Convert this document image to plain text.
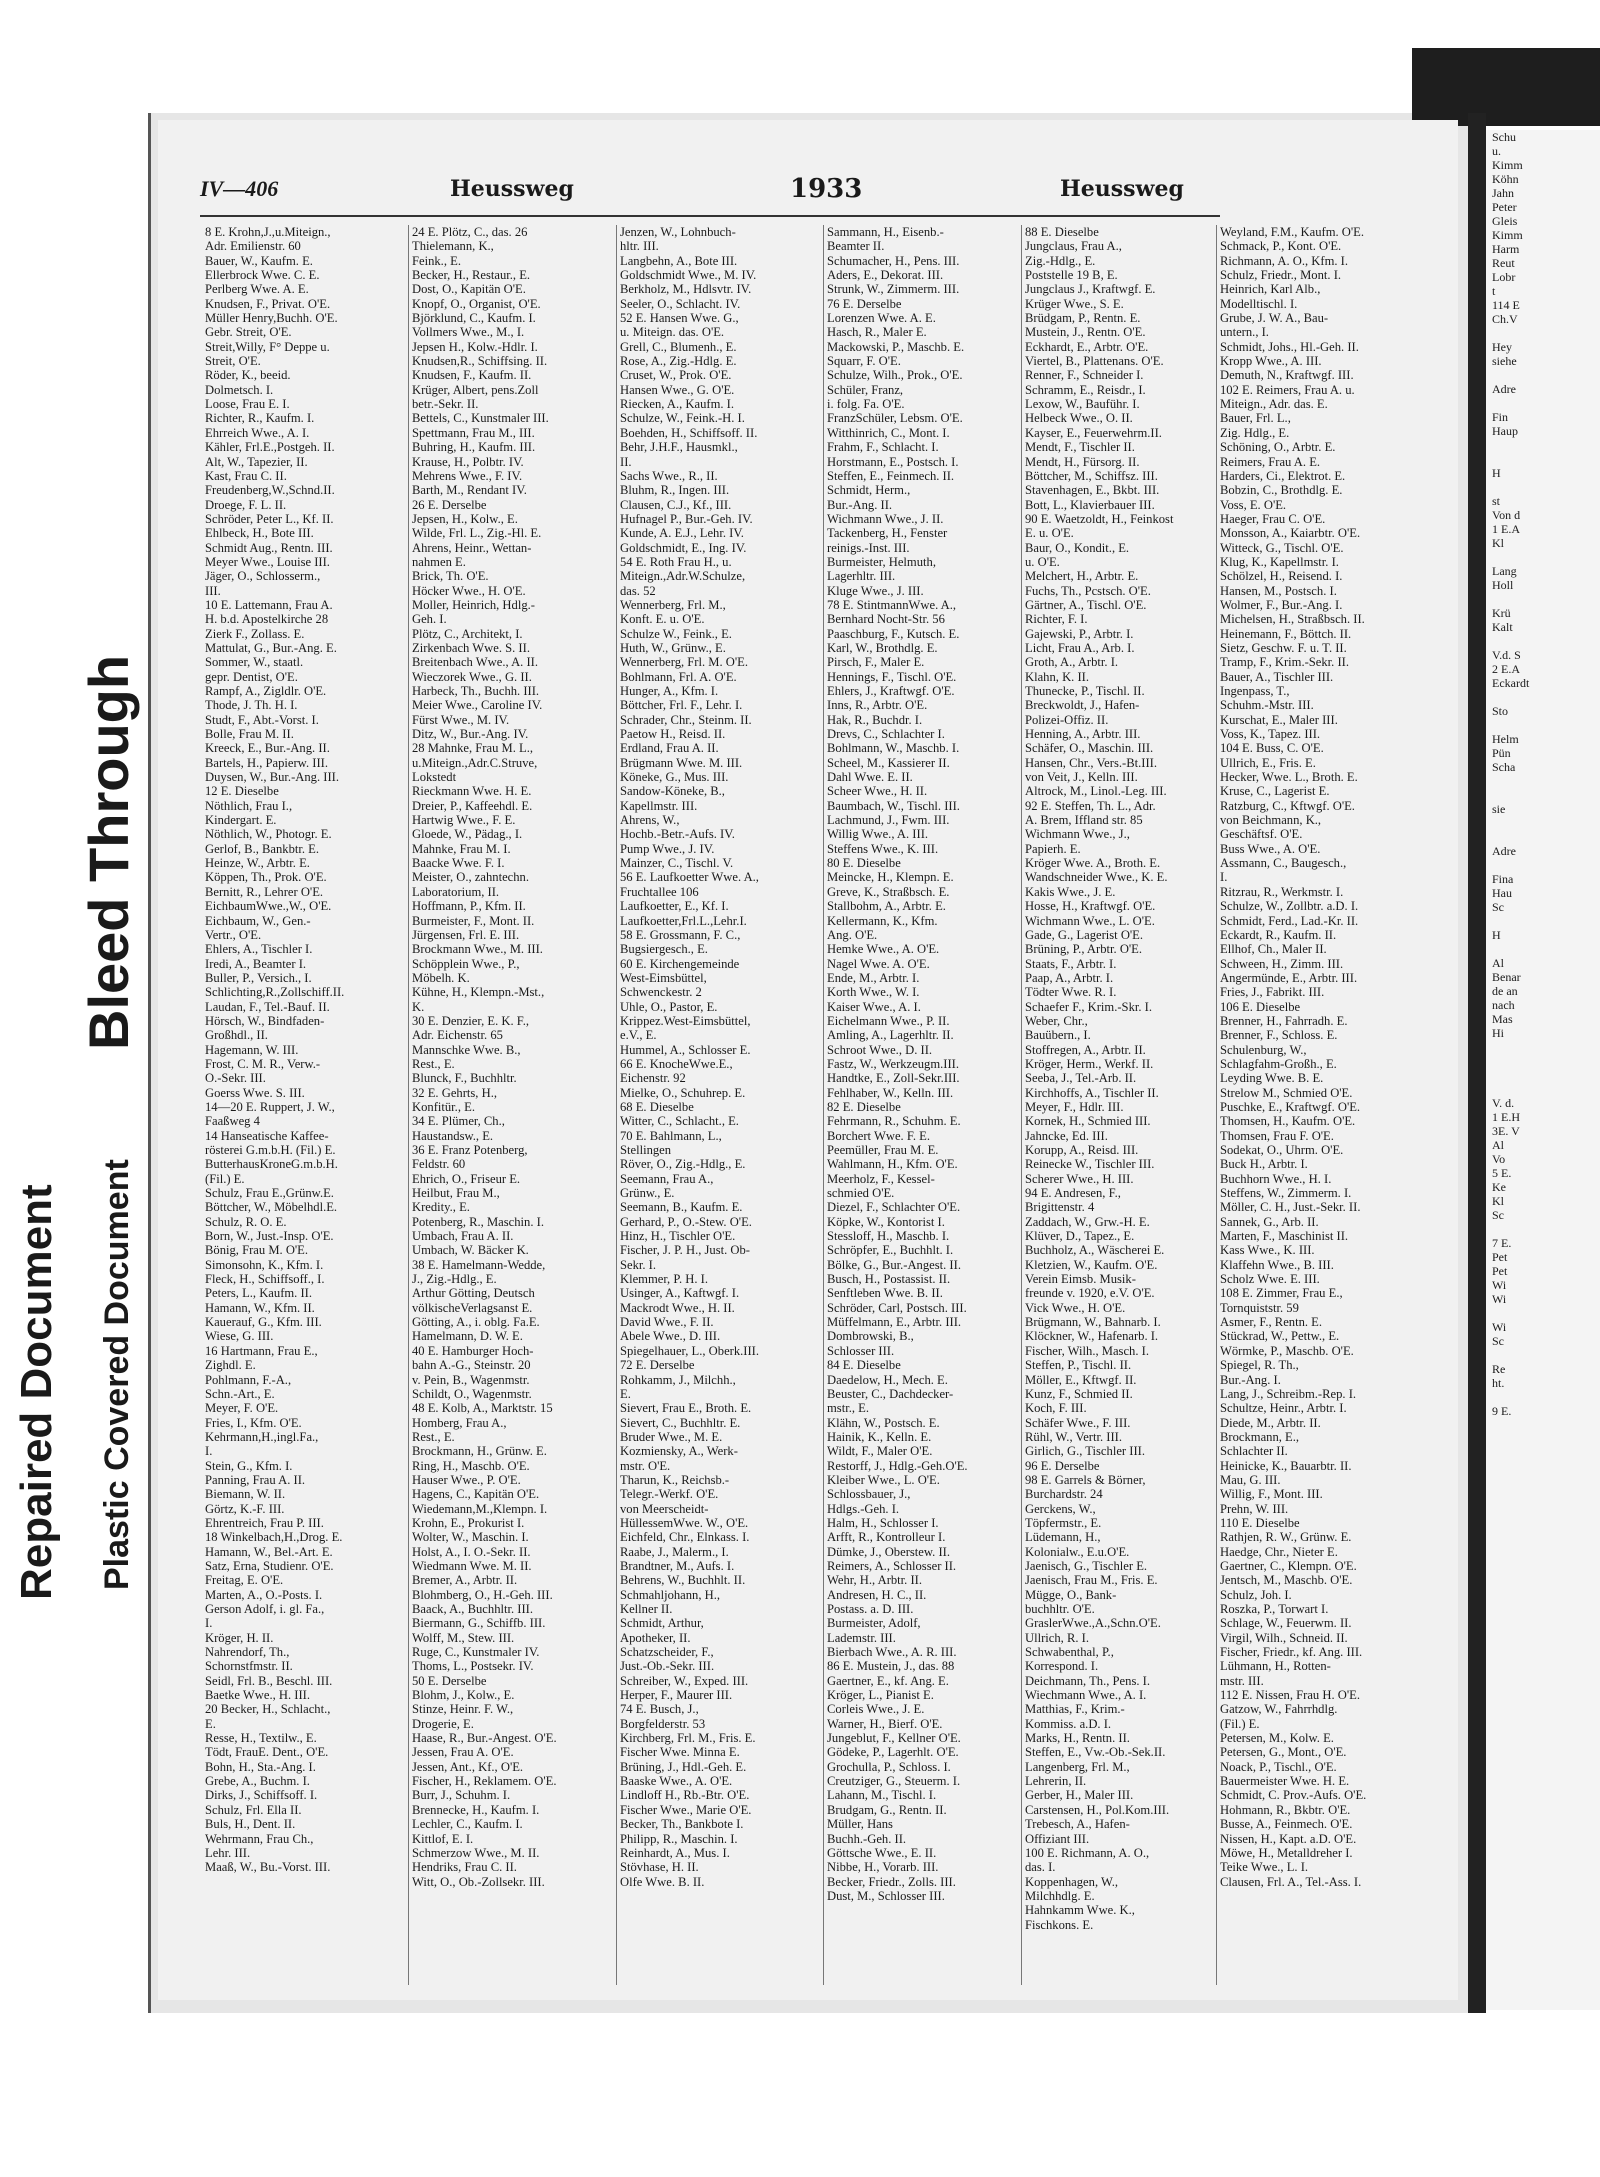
Schu
u.
Kimm
Köhn
Jahn
Peter
Gleis
Kimm
Harm
Reut
Lobr
t
114 E
Ch.V

Hey
siehe

Adre

Fin
Haup

H

st
Von d
1 E.A
Kl

Lang
Holl

Krü
Kalt

V.d. S
2 E.A
Eckardt

Sto

Helm
Pün
Scha

sie

Adre

Fina
Hau
Sc

H

Al
Benar
de an
nach
Mas
Hi

V. d.
1 E.H
3E. V
Al
Vo
5 E.
Ke
Kl
Sc

7 E.
Pet
Pet
Wi
Wi

Wi
Sc

Re
ht.

9 E.
Repaired Document Plastic Covered Document
Bleed Through
IV—406	Heussweg	1933	Heussweg
8 E. Krohn,J.,u.Miteign.,
Adr. Emilienstr. 60
Bauer, W., Kaufm. E.
Ellerbrock Wwe. C. E.
Perlberg Wwe. A. E.
Knudsen, F., Privat. O'E.
Müller Henry,Buchh. O'E.
Gebr. Streit, O'E.
Streit,Willy, F° Deppe u.
Streit, O'E.
Röder, K., beeid.
Dolmetsch. I.
Loose, Frau E. I.
Richter, R., Kaufm. I.
Ehrreich Wwe., A. I.
Kähler, Frl.E.,Postgeh. II.
Alt, W., Tapezier, II.
Kast, Frau C. II.
Freudenberg,W.,Schnd.II.
Droege, F. L. II.
Schröder, Peter L., Kf. II.
Ehlbeck, H., Bote III.
Schmidt Aug., Rentn. III.
Meyer Wwe., Louise III.
Jäger, O., Schlosserm.,
III.
10 E. Lattemann, Frau A.
H. b.d. Apostelkirche 28
Zierk F., Zollass. E.
Mattulat, G., Bur.-Ang. E.
Sommer, W., staatl.
gepr. Dentist, O'E.
Rampf, A., Zigldlr. O'E.
Thode, J. Th. H. I.
Studt, F., Abt.-Vorst. I.
Bolle, Frau M. II.
Kreeck, E., Bur.-Ang. II.
Bartels, H., Papierw. III.
Duysen, W., Bur.-Ang. III.
12 E. Dieselbe
Nöthlich, Frau I.,
Kindergart. E.
Nöthlich, W., Photogr. E.
Gerlof, B., Bankbtr. E.
Heinze, W., Arbtr. E.
Köppen, Th., Prok. O'E.
Bernitt, R., Lehrer O'E.
EichbaumWwe.,W., O'E.
Eichbaum, W., Gen.-
Vertr., O'E.
Ehlers, A., Tischler I.
Iredi, A., Beamter I.
Buller, P., Versich., I.
Schlichting,R.,Zollschiff.II.
Laudan, F., Tel.-Bauf. II.
Hörsch, W., Bindfaden-
Großhdl., II.
Hagemann, W. III.
Frost, C. M. R., Verw.-
O.-Sekr. III.
Goerss Wwe. S. III.
14—20 E. Ruppert, J. W.,
Faaßweg 4
14 Hanseatische Kaffee-
rösterei G.m.b.H. (Fil.) E.
ButterhausKroneG.m.b.H.
(Fil.) E.
Schulz, Frau E.,Grünw.E.
Böttcher, W., Möbelhdl.E.
Schulz, R. O. E.
Born, W., Just.-Insp. O'E.
Bönig, Frau M. O'E.
Simonsohn, K., Kfm. I.
Fleck, H., Schiffsoff., I.
Peters, L., Kaufm. II.
Hamann, W., Kfm. II.
Kauerauf, G., Kfm. III.
Wiese, G. III.
16 Hartmann, Frau E.,
Zighdl. E.
Pohlmann, F.-A.,
Schn.-Art., E.
Meyer, F. O'E.
Fries, I., Kfm. O'E.
Kehrmann,H.,ingl.Fa.,
I.
Stein, G., Kfm. I.
Panning, Frau A. II.
Biemann, W. II.
Görtz, K.-F. III.
Ehrentreich, Frau P. III.
18 Winkelbach,H.,Drog. E.
Hamann, W., Bel.-Art. E.
Satz, Erna, Studienr. O'E.
Freitag, E. O'E.
Marten, A., O.-Posts. I.
Gerson Adolf, i. gl. Fa.,
I.
Kröger, H. II.
Nahrendorf, Th.,
Schornstfmstr. II.
Seidl, Frl. B., Beschl. III.
Baetke Wwe., H. III.
20 Becker, H., Schlacht.,
E.
Resse, H., Textilw., E.
Tödt, FrauE. Dent., O'E.
Bohn, H., Sta.-Ang. I.
Grebe, A., Buchm. I.
Dirks, J., Schiffsoff. I.
Schulz, Frl. Ella II.
Buls, H., Dent. II.
Wehrmann, Frau Ch.,
Lehr. III.
Maaß, W., Bu.-Vorst. III.
24 E. Plötz, C., das. 26
Thielemann, K.,
Feink., E.
Becker, H., Restaur., E.
Dost, O., Kapitän O'E.
Knopf, O., Organist, O'E.
Björklund, C., Kaufm. I.
Vollmers Wwe., M., I.
Jepsen H., Kolw.-Hdlr. I.
Knudsen,R., Schiffsing. II.
Knudsen, F., Kaufm. II.
Krüger, Albert, pens.Zoll
betr.-Sekr. II.
Bettels, C., Kunstmaler III.
Spettmann, Frau M., III.
Buhring, H., Kaufm. III.
Krause, H., Polbtr. IV.
Mehrens Wwe., F. IV.
Barth, M., Rendant IV.
26 E. Derselbe
Jepsen, H., Kolw., E.
Wilde, Frl. L., Zig.-Hl. E.
Ahrens, Heinr., Wettan-
nahmen E.
Brick, Th. O'E.
Höcker Wwe., H. O'E.
Moller, Heinrich, Hdlg.-
Geh. I.
Plötz, C., Architekt, I.
Zirkenbach Wwe. S. II.
Breitenbach Wwe., A. II.
Wieczorek Wwe., G. II.
Harbeck, Th., Buchh. III.
Meier Wwe., Caroline IV.
Fürst Wwe., M. IV.
Ditz, W., Bur.-Ang. IV.
28 Mahnke, Frau M. L.,
u.Miteign.,Adr.C.Struve,
Lokstedt
Rieckmann Wwe. H. E.
Dreier, P., Kaffeehdl. E.
Hartwig Wwe., F. E.
Gloede, W., Pädag., I.
Mahnke, Frau M. I.
Baacke Wwe. F. I.
Meister, O., zahntechn.
Laboratorium, II.
Hoffmann, P., Kfm. II.
Burmeister, F., Mont. II.
Jürgensen, Frl. E. III.
Brockmann Wwe., M. III.
Schöpplein Wwe., P.,
Möbelh. K.
Kühne, H., Klempn.-Mst.,
K.
30 E. Denzier, E. K. F.,
Adr. Eichenstr. 65
Mannschke Wwe. B.,
Rest., E.
Blunck, F., Buchhltr.
32 E. Gehrts, H.,
Konfitür., E.
34 E. Plümer, Ch.,
Haustandsw., E.
36 E. Franz Potenberg,
Feldstr. 60
Ehrich, O., Friseur E.
Heilbut, Frau M.,
Kredity., E.
Potenberg, R., Maschin. I.
Umbach, Frau A. II.
Umbach, W. Bäcker K.
38 E. Hamelmann-Wedde,
J., Zig.-Hdlg., E.
Arthur Götting, Deutsch
völkischeVerlagsanst E.
Götting, A., i. oblg. Fa.E.
Hamelmann, D. W. E.
40 E. Hamburger Hoch-
bahn A.-G., Steinstr. 20
v. Pein, B., Wagenmstr.
Schildt, O., Wagenmstr.
48 E. Kolb, A., Marktstr. 15
Homberg, Frau A.,
Rest., E.
Brockmann, H., Grünw. E.
Ring, H., Maschb. O'E.
Hauser Wwe., P. O'E.
Hagens, C., Kapitän O'E.
Wiedemann,M.,Klempn. I.
Krohn, E., Prokurist I.
Wolter, W., Maschin. I.
Holst, A., I. O.-Sekr. II.
Wiedmann Wwe. M. II.
Bremer, A., Arbtr. II.
Blohmberg, O., H.-Geh. III.
Baack, A., Buchhltr. III.
Biermann, G., Schiffb. III.
Wolff, M., Stew. III.
Ruge, C., Kunstmaler IV.
Thoms, L., Postsekr. IV.
50 E. Derselbe
Blohm, J., Kolw., E.
Stinze, Heinr. F. W.,
Drogerie, E.
Haase, R., Bur.-Angest. O'E.
Jessen, Frau A. O'E.
Jessen, Ant., Kf., O'E.
Fischer, H., Reklamem. O'E.
Burr, J., Schuhm. I.
Brennecke, H., Kaufm. I.
Lechler, C., Kaufm. I.
Kittlof, E. I.
Schmerzow Wwe., M. II.
Hendriks, Frau C. II.
Witt, O., Ob.-Zollsekr. III.
Jenzen, W., Lohnbuch-
hltr. III.
Langbehn, A., Bote III.
Goldschmidt Wwe., M. IV.
Berkholz, M., Hdlsvtr. IV.
Seeler, O., Schlacht. IV.
52 E. Hansen Wwe. G.,
u. Miteign. das. O'E.
Grell, C., Blumenh., E.
Rose, A., Zig.-Hdlg. E.
Cruset, W., Prok. O'E.
Hansen Wwe., G. O'E.
Riecken, A., Kaufm. I.
Schulze, W., Feink.-H. I.
Boehden, H., Schiffsoff. II.
Behr, J.H.F., Hausmkl.,
II.
Sachs Wwe., R., II.
Bluhm, R., Ingen. III.
Clausen, C.J., Kf., III.
Hufnagel P., Bur.-Geh. IV.
Kunde, A. E.J., Lehr. IV.
Goldschmidt, E., Ing. IV.
54 E. Roth Frau H., u.
Miteign.,Adr.W.Schulze,
das. 52
Wennerberg, Frl. M.,
Konft. E. u. O'E.
Schulze W., Feink., E.
Huth, W., Grünw., E.
Wennerberg, Frl. M. O'E.
Bohlmann, Frl. A. O'E.
Hunger, A., Kfm. I.
Böttcher, Frl. F., Lehr. I.
Schrader, Chr., Steinm. II.
Paetow H., Reisd. II.
Erdland, Frau A. II.
Brügmann Wwe. M. III.
Köneke, G., Mus. III.
Sandow-Köneke, B.,
Kapellmstr. III.
Ahrens, W.,
Hochb.-Betr.-Aufs. IV.
Pump Wwe., J. IV.
Mainzer, C., Tischl. V.
56 E. Laufkoetter Wwe. A.,
Fruchtallee 106
Laufkoetter, E., Kf. I.
Laufkoetter,Frl.L.,Lehr.I.
58 E. Grossmann, F. C.,
Bugsiergesch., E.
60 E. Kirchengemeinde
West-Eimsbüttel,
Schwenckestr. 2
Uhle, O., Pastor, E.
Krippez.West-Eimsbüttel,
e.V., E.
Hummel, A., Schlosser E.
66 E. KnocheWwe.E.,
Eichenstr. 92
Mielke, O., Schuhrep. E.
68 E. Dieselbe
Witter, C., Schlacht., E.
70 E. Bahlmann, L.,
Stellingen
Röver, O., Zig.-Hdlg., E.
Seemann, Frau A.,
Grünw., E.
Seemann, B., Kaufm. E.
Gerhard, P., O.-Stew. O'E.
Hinz, H., Tischler O'E.
Fischer, J. P. H., Just. Ob-
Sekr. I.
Klemmer, P. H. I.
Usinger, A., Kaftwgf. I.
Mackrodt Wwe., H. II.
David Wwe., F. II.
Abele Wwe., D. III.
Spiegelhauer, L., Oberk.III.
72 E. Derselbe
Rohkamm, J., Milchh.,
E.
Sievert, Frau E., Broth. E.
Sievert, C., Buchhltr. E.
Bruder Wwe., M. E.
Kozmiensky, A., Werk-
mstr. O'E.
Tharun, K., Reichsb.-
Telegr.-Werkf. O'E.
von Meerscheidt-
HüllessemWwe. W., O'E.
Eichfeld, Chr., Elnkass. I.
Raabe, J., Malerm., I.
Brandtner, M., Aufs. I.
Behrens, W., Buchhlt. II.
Schmahljohann, H.,
Kellner II.
Schmidt, Arthur,
Apotheker, II.
Schatzscheider, F.,
Just.-Ob.-Sekr. III.
Schreiber, W., Exped. III.
Herper, F., Maurer III.
74 E. Busch, J.,
Borgfelderstr. 53
Kirchberg, Frl. M., Fris. E.
Fischer Wwe. Minna E.
Brüning, J., Hdl.-Geh. E.
Baaske Wwe., A. O'E.
Lindloff H., Rb.-Btr. O'E.
Fischer Wwe., Marie O'E.
Becker, Th., Bankbote I.
Philipp, R., Maschin. I.
Reinhardt, A., Mus. I.
Stövhase, H. II.
Olfe Wwe. B. II.
Sammann, H., Eisenb.-
Beamter II.
Schumacher, H., Pens. III.
Aders, E., Dekorat. III.
Strunk, W., Zimmerm. III.
76 E. Derselbe
Lorenzen Wwe. A. E.
Hasch, R., Maler E.
Mackowski, P., Maschb. E.
Squarr, F. O'E.
Schulze, Wilh., Prok., O'E.
Schüler, Franz,
i. folg. Fa. O'E.
FranzSchüler, Lebsm. O'E.
Witthinrich, C., Mont. I.
Frahm, F., Schlacht. I.
Horstmann, E., Postsch. I.
Steffen, E., Feinmech. II.
Schmidt, Herm.,
Bur.-Ang. II.
Wichmann Wwe., J. II.
Tackenberg, H., Fenster
reinigs.-Inst. III.
Burmeister, Helmuth,
Lagerhltr. III.
Kluge Wwe., J. III.
78 E. StintmannWwe. A.,
Bernhard Nocht-Str. 56
Paaschburg, F., Kutsch. E.
Karl, W., Brothdlg. E.
Pirsch, F., Maler E.
Hennings, F., Tischl. O'E.
Ehlers, J., Kraftwgf. O'E.
Inns, R., Arbtr. O'E.
Hak, R., Buchdr. I.
Drevs, C., Schlachter I.
Bohlmann, W., Maschb. I.
Scheel, M., Kassierer II.
Dahl Wwe. E. II.
Scheer Wwe., H. II.
Baumbach, W., Tischl. III.
Lachmund, J., Fwm. III.
Willig Wwe., A. III.
Steffens Wwe., K. III.
80 E. Dieselbe
Meincke, H., Klempn. E.
Greve, K., Straßbsch. E.
Stallbohm, A., Arbtr. E.
Kellermann, K., Kfm.
Ang. O'E.
Hemke Wwe., A. O'E.
Nagel Wwe. A. O'E.
Ende, M., Arbtr. I.
Korth Wwe., W. I.
Kaiser Wwe., A. I.
Eichelmann Wwe., P. II.
Amling, A., Lagerhltr. II.
Schroot Wwe., D. II.
Fastz, W., Werkzeugm.III.
Handtke, E., Zoll-Sekr.III.
Fehlhaber, W., Kelln. III.
82 E. Dieselbe
Fehrmann, R., Schuhm. E.
Borchert Wwe. F. E.
Peemüller, Frau M. E.
Wahlmann, H., Kfm. O'E.
Meerholz, F., Kessel-
schmied O'E.
Diezel, F., Schlachter O'E.
Köpke, W., Kontorist I.
Stessloff, H., Maschb. I.
Schröpfer, E., Buchhlt. I.
Bölke, G., Bur.-Angest. II.
Busch, H., Postassist. II.
Senftleben Wwe. B. II.
Schröder, Carl, Postsch. III.
Müffelmann, E., Arbtr. III.
Dombrowski, B.,
Schlosser III.
84 E. Dieselbe
Daedelow, H., Mech. E.
Beuster, C., Dachdecker-
mstr., E.
Klähn, W., Postsch. E.
Hainik, K., Kelln. E.
Wildt, F., Maler O'E.
Restorff, J., Hdlg.-Geh.O'E.
Kleiber Wwe., L. O'E.
Schlossbauer, J.,
Hdlgs.-Geh. I.
Halm, H., Schlosser I.
Arfft, R., Kontrolleur I.
Dümke, J., Oberstew. II.
Reimers, A., Schlosser II.
Wehr, H., Arbtr. II.
Andresen, H. C., II.
Postass. a. D. III.
Burmeister, Adolf,
Lademstr. III.
Bierbach Wwe., A. R. III.
86 E. Mustein, J., das. 88
Gaertner, E., kf. Ang. E.
Kröger, L., Pianist E.
Corleis Wwe., J. E.
Warner, H., Bierf. O'E.
Jungeblut, F., Kellner O'E.
Gödeke, P., Lagerhlt. O'E.
Grochulla, P., Schloss. I.
Creutziger, G., Steuerm. I.
Lahann, M., Tischl. I.
Brudgam, G., Rentn. II.
Müller, Hans
Buchh.-Geh. II.
Göttsche Wwe., E. II.
Nibbe, H., Vorarb. III.
Becker, Friedr., Zolls. III.
Dust, M., Schlosser III.
88 E. Dieselbe
Jungclaus, Frau A.,
Zig.-Hdlg., E.
Poststelle 19 B, E.
Jungclaus J., Kraftwgf. E.
Krüger Wwe., S. E.
Brüdgam, P., Rentn. E.
Mustein, J., Rentn. O'E.
Eckhardt, E., Arbtr. O'E.
Viertel, B., Plattenans. O'E.
Renner, F., Schneider I.
Schramm, E., Reisdr., I.
Lexow, W., Bauführ. I.
Helbeck Wwe., O. II.
Kayser, E., Feuerwehrm.II.
Mendt, F., Tischler II.
Mendt, H., Fürsorg. II.
Böttcher, M., Schiffsz. III.
Stavenhagen, E., Bkbt. III.
Bott, L., Klavierbauer III.
90 E. Waetzoldt, H., Feinkost
E. u. O'E.
Baur, O., Kondit., E.
u. O'E.
Melchert, H., Arbtr. E.
Fuchs, Th., Pcstsch. O'E.
Gärtner, A., Tischl. O'E.
Richter, F. I.
Gajewski, P., Arbtr. I.
Licht, Frau A., Arb. I.
Groth, A., Arbtr. I.
Klahn, K. II.
Thunecke, P., Tischl. II.
Breckwoldt, J., Hafen-
Polizei-Offiz. II.
Henning, A., Arbtr. III.
Schäfer, O., Maschin. III.
Hansen, Chr., Vers.-Bt.III.
von Veit, J., Kelln. III.
Altrock, M., Linol.-Leg. III.
92 E. Steffen, Th. L., Adr.
A. Brem, Iffland str. 85
Wichmann Wwe., J.,
Papierh. E.
Kröger Wwe. A., Broth. E.
Wandschneider Wwe., K. E.
Kakis Wwe., J. E.
Hosse, H., Kraftwgf. O'E.
Wichmann Wwe., L. O'E.
Gade, G., Lagerist O'E.
Brüning, P., Arbtr. O'E.
Staats, F., Arbtr. I.
Paap, A., Arbtr. I.
Tödter Wwe. R. I.
Schaefer F., Krim.-Skr. I.
Weber, Chr.,
Bauübern., I.
Stoffregen, A., Arbtr. II.
Kröger, Herm., Werkf. II.
Seeba, J., Tel.-Arb. II.
Kirchhoffs, A., Tischler II.
Meyer, F., Hdlr. III.
Kornek, H., Schmied III.
Jahncke, Ed. III.
Korupp, A., Reisd. III.
Reinecke W., Tischler III.
Scherer Wwe., H. III.
94 E. Andresen, F.,
Brigittenstr. 4
Zaddach, W., Grw.-H. E.
Klüver, D., Tapez., E.
Buchholz, A., Wäscherei E.
Kletzien, W., Kaufm. O'E.
Verein Eimsb. Musik-
freunde v. 1920, e.V. O'E.
Vick Wwe., H. O'E.
Brügmann, W., Bahnarb. I.
Klöckner, W., Hafenarb. I.
Fischer, Wilh., Masch. I.
Steffen, P., Tischl. II.
Möller, E., Kftwgf. II.
Kunz, F., Schmied II.
Koch, F. III.
Schäfer Wwe., F. III.
Rühl, W., Vertr. III.
Girlich, G., Tischler III.
96 E. Derselbe
98 E. Garrels & Börner,
Burchardstr. 24
Gerckens, W.,
Töpfermstr., E.
Lüdemann, H.,
Kolonialw., E.u.O'E.
Jaenisch, G., Tischler E.
Jaenisch, Frau M., Fris. E.
Mügge, O., Bank-
buchhltr. O'E.
GraslerWwe.,A.,Schn.O'E.
Ullrich, R. I.
Schwabenthal, P.,
Korrespond. I.
Deichmann, Th., Pens. I.
Wiechmann Wwe., A. I.
Matthias, F., Krim.-
Kommiss. a.D. I.
Marks, H., Rentn. II.
Steffen, E., Vw.-Ob.-Sek.II.
Langenberg, Frl. M.,
Lehrerin, II.
Gerber, H., Maler III.
Carstensen, H., Pol.Kom.III.
Trebesch, A., Hafen-
Offiziant III.
100 E. Richmann, A. O.,
das. I.
Koppenhagen, W.,
Milchhdlg. E.
Hahnkamm Wwe. K.,
Fischkons. E.
Weyland, F.M., Kaufm. O'E.
Schmack, P., Kont. O'E.
Richmann, A. O., Kfm. I.
Schulz, Friedr., Mont. I.
Heinrich, Karl Alb.,
Modelltischl. I.
Grube, J. W. A., Bau-
untern., I.
Schmidt, Johs., Hl.-Geh. II.
Kropp Wwe., A. III.
Demuth, N., Kraftwgf. III.
102 E. Reimers, Frau A. u.
Miteign., Adr. das. E.
Bauer, Frl. L.,
Zig. Hdlg., E.
Schöning, O., Arbtr. E.
Reimers, Frau A. E.
Harders, Ci., Elektrot. E.
Bobzin, C., Brothdlg. E.
Voss, E. O'E.
Haeger, Frau C. O'E.
Monsson, A., Kaiarbtr. O'E.
Witteck, G., Tischl. O'E.
Klug, K., Kapellmstr. I.
Schölzel, H., Reisend. I.
Hansen, M., Postsch. I.
Wolmer, F., Bur.-Ang. I.
Michelsen, H., Straßbsch. II.
Heinemann, F., Böttch. II.
Sietz, Geschw. F. u. T. II.
Tramp, F., Krim.-Sekr. II.
Bauer, A., Tischler III.
Ingenpass, T.,
Schuhm.-Mstr. III.
Kurschat, E., Maler III.
Voss, K., Tapez. III.
104 E. Buss, C. O'E.
Ullrich, E., Fris. E.
Hecker, Wwe. L., Broth. E.
Kruse, C., Lagerist E.
Ratzburg, C., Kftwgf. O'E.
von Beichmann, K.,
Geschäftsf. O'E.
Buss Wwe., A. O'E.
Assmann, C., Baugesch.,
I.
Ritzrau, R., Werkmstr. I.
Schulze, W., Zollbtr. a.D. I.
Schmidt, Ferd., Lad.-Kr. II.
Eckardt, R., Kaufm. II.
Ellhof, Ch., Maler II.
Schween, H., Zimm. III.
Angermünde, E., Arbtr. III.
Fries, J., Fabrikt. III.
106 E. Dieselbe
Brenner, H., Fahrradh. E.
Brenner, F., Schloss. E.
Schulenburg, W.,
Schlagfahm-Großh., E.
Leyding Wwe. B. E.
Strelow M., Schmied O'E.
Puschke, E., Kraftwgf. O'E.
Thomsen, H., Kaufm. O'E.
Thomsen, Frau F. O'E.
Sodekat, O., Uhrm. O'E.
Buck H., Arbtr. I.
Buchhorn Wwe., H. I.
Steffens, W., Zimmerm. I.
Möller, C. H., Just.-Sekr. II.
Sannek, G., Arb. II.
Marten, F., Maschinist II.
Kass Wwe., K. III.
Klaffehn Wwe., B. III.
Scholz Wwe. E. III.
108 E. Zimmer, Frau E.,
Tornquiststr. 59
Asmer, F., Rentn. E.
Stückrad, W., Pettw., E.
Wörmke, P., Maschb. O'E.
Spiegel, R. Th.,
Bur.-Ang. I.
Lang, J., Schreibm.-Rep. I.
Schultze, Heinr., Arbtr. I.
Diede, M., Arbtr. II.
Brockmann, E.,
Schlachter II.
Heinicke, K., Bauarbtr. II.
Mau, G. III.
Willig, F., Mont. III.
Prehn, W. III.
110 E. Dieselbe
Rathjen, R. W., Grünw. E.
Haedge, Chr., Nieter E.
Gaertner, C., Klempn. O'E.
Jentsch, M., Maschb. O'E.
Schulz, Joh. I.
Roszka, P., Torwart I.
Schlage, W., Feuerwm. II.
Virgil, Wilh., Schneid. II.
Fischer, Friedr., kf. Ang. III.
Lühmann, H., Rotten-
mstr. III.
112 E. Nissen, Frau H. O'E.
Gatzow, W., Fahrrhdlg.
(Fil.) E.
Petersen, M., Kolw. E.
Petersen, G., Mont., O'E.
Noack, P., Tischl., O'E.
Bauermeister Wwe. H. E.
Schmidt, C. Prov.-Aufs. O'E.
Hohmann, R., Bkbtr. O'E.
Busse, A., Feinmech. O'E.
Nissen, H., Kapt. a.D. O'E.
Möwe, H., Metalldreher I.
Teike Wwe., L. I.
Clausen, Frl. A., Tel.-Ass. I.
